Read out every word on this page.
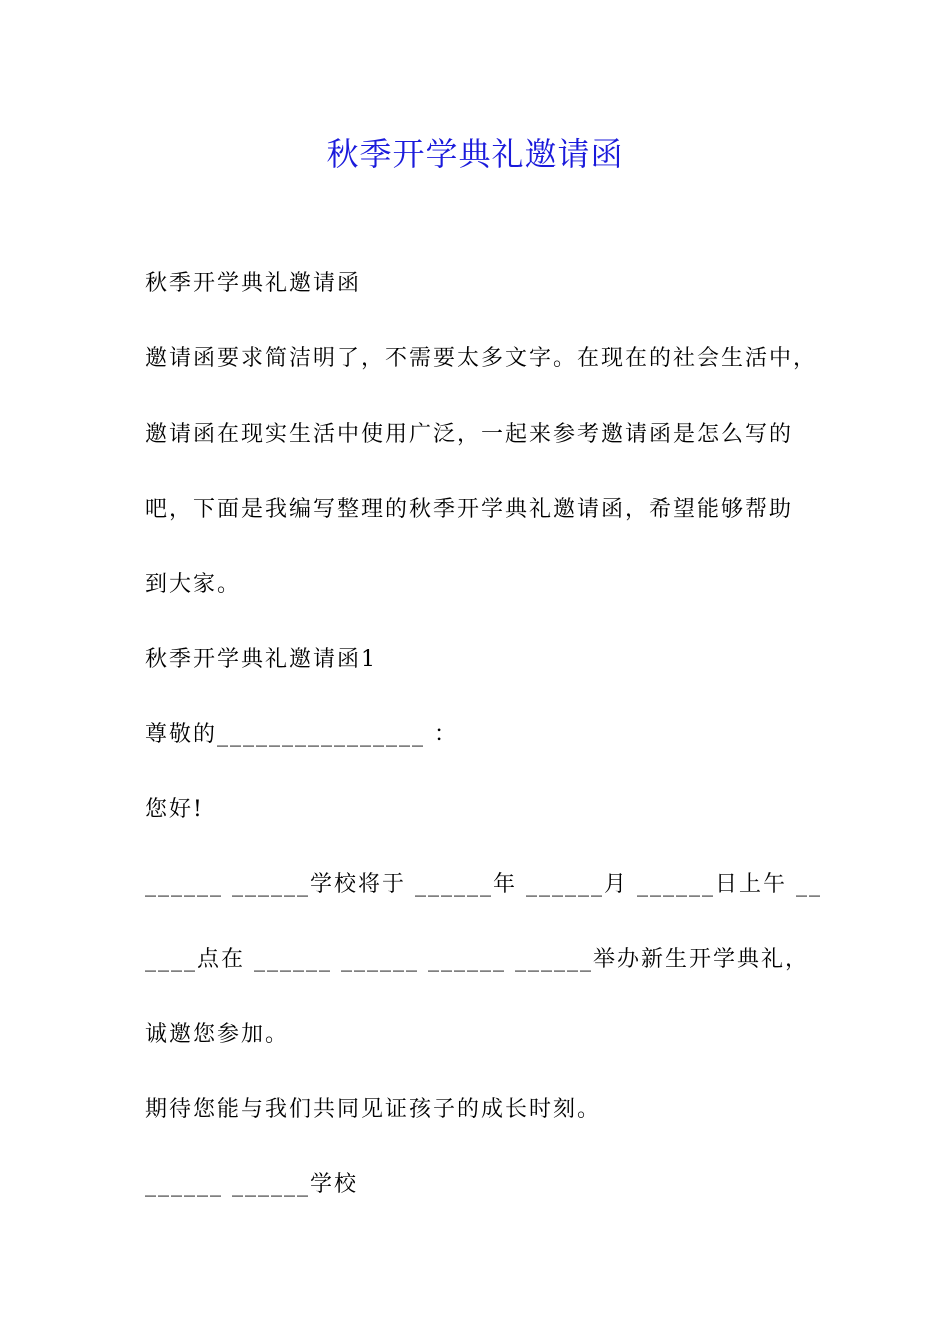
秋季开学典礼邀请函
秋季开学典礼邀请函
邀请函要求简洁明了，不需要太多文字。在现在的社会生活中，
邀请函在现实生活中使用广泛，一起来参考邀请函是怎么写的
吧，下面是我编写整理的秋季开学典礼邀请函，希望能够帮助
到大家。
秋季开学典礼邀请函1
尊敬的________________ ：
您好!
______ ______学校将于 ______年 ______月 ______日上午 __
____点在 ______ ______ ______ ______举办新生开学典礼，
诚邀您参加。
期待您能与我们共同见证孩子的成长时刻。
______ ______学校
